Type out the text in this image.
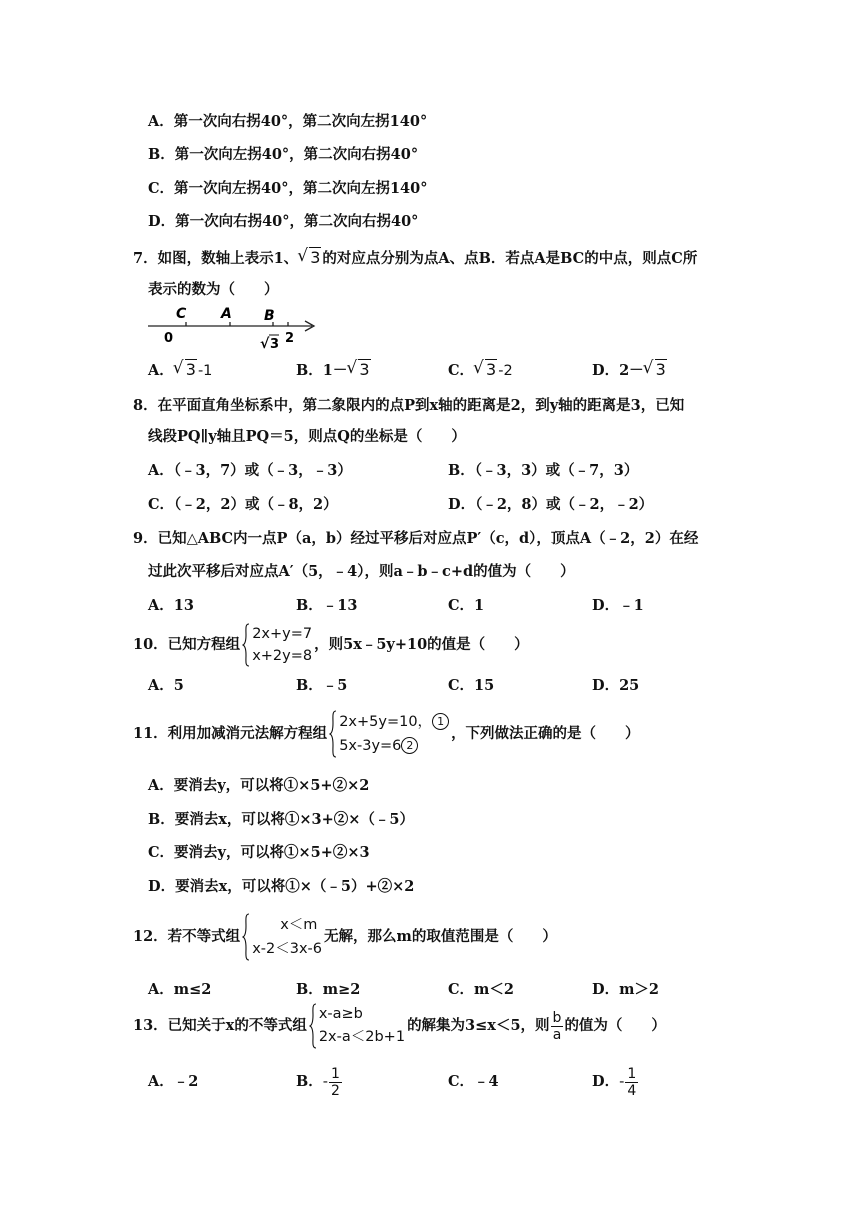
A．第一次向右拐40°，第二次向左拐140°
B．第一次向左拐40°，第二次向右拐40°
C．第一次向左拐40°，第二次向左拐140°
D．第一次向右拐40°，第二次向右拐40°
7．如图，数轴上表示1、 √ 3 的对应点分别为点A、点B．若点A是BC的中点，则点C所
表示的数为（　　）
C A B
0	√ 3 2
A． √ 3 -1	B．1－ √ 3	C． √ 3 -2	D．2－ √ 3
8．在平面直角坐标系中，第二象限内的点P到x轴的距离是2，到y轴的距离是3，已知
线段PQ∥y轴且PQ＝5，则点Q的坐标是（　　）
A．（﹣3，7）或（﹣3，﹣3）	B．（﹣3，3）或（﹣7，3）
C．（﹣2，2）或（﹣8，2）	D．（﹣2，8）或（﹣2，﹣2）
9．已知△ABC内一点P（a，b）经过平移后对应点P′（c，d），顶点A（﹣2，2）在经
过此次平移后对应点A′（5，﹣4），则a﹣b﹣c+d的值为（　　）
A．13	B．﹣13	C．1	D．﹣1
10．已知方程组
2x+y=7
x+2y=8
，则5x﹣5y+10的值是（　　）
A．5	B．﹣5	C．15	D．25
11．利用加减消元法解方程组
2x+5y=10， 1
5x-3y=6 2
，下列做法正确的是（　　）
A．要消去y，可以将①×5+②×2
B．要消去x，可以将①×3+②×（﹣5）
C．要消去y，可以将①×5+②×3
D．要消去x，可以将①×（﹣5）+②×2
12．若不等式组
x＜m
x-2＜3x-6
无解，那么m的取值范围是（　　）
A．m≤2	B．m≥2	C．m＜2	D．m＞2
13．已知关于x的不等式组
x-a≥b
2x-a＜2b+1
的解集为3≤x＜5，则 $\frac{b}{a}$ 的值为（　　）
A．﹣2	B．- $\frac{1}{2}$	C．﹣4	D．- $\frac{1}{4}$
